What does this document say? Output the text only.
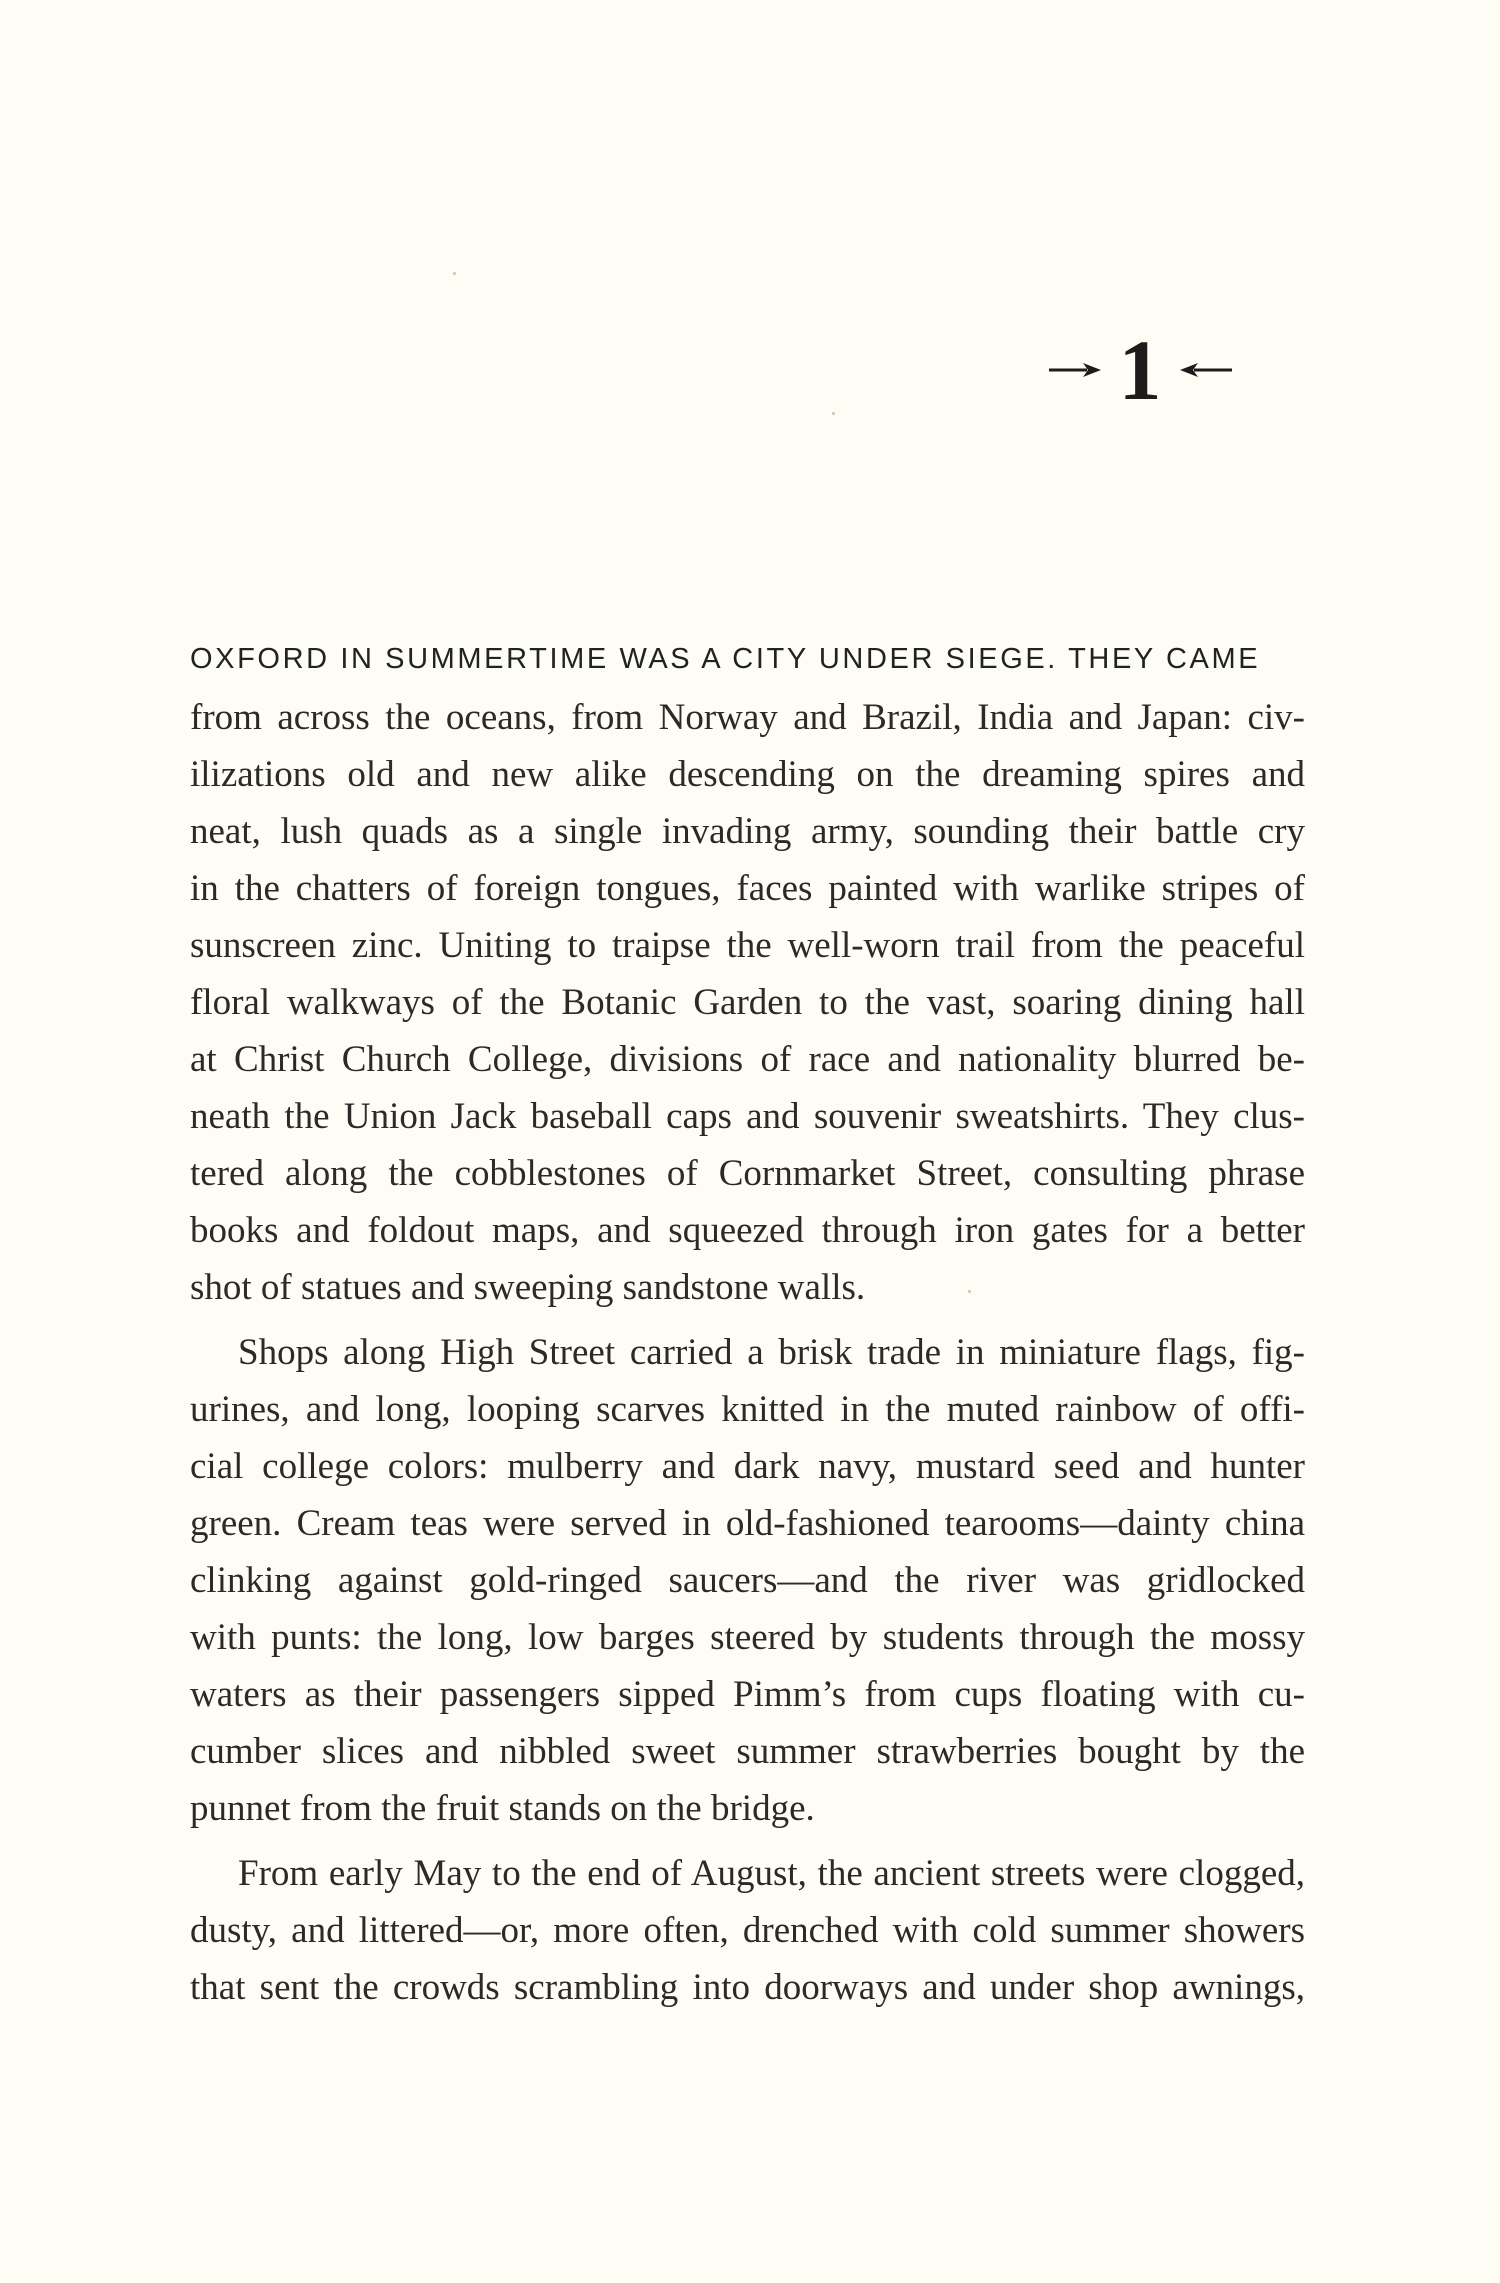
1

OXFORD IN SUMMERTIME WAS A CITY UNDER SIEGE. THEY CAME

from across the oceans, from Norway and Brazil, India and Japan: civ-

ilizations old and new alike descending on the dreaming spires and

neat, lush quads as a single invading army, sounding their battle cry

in the chatters of foreign tongues, faces painted with warlike stripes of

sunscreen zinc. Uniting to traipse the well-worn trail from the peaceful

floral walkways of the Botanic Garden to the vast, soaring dining hall

at Christ Church College, divisions of race and nationality blurred be-

neath the Union Jack baseball caps and souvenir sweatshirts. They clus-

tered along the cobblestones of Cornmarket Street, consulting phrase

books and foldout maps, and squeezed through iron gates for a better

shot of statues and sweeping sandstone walls.

Shops along High Street carried a brisk trade in miniature flags, fig-

urines, and long, looping scarves knitted in the muted rainbow of offi-

cial college colors: mulberry and dark navy, mustard seed and hunter

green. Cream teas were served in old-fashioned tearooms—dainty china

clinking against gold-ringed saucers—and the river was gridlocked

with punts: the long, low barges steered by students through the mossy

waters as their passengers sipped Pimm’s from cups floating with cu-

cumber slices and nibbled sweet summer strawberries bought by the

punnet from the fruit stands on the bridge.

From early May to the end of August, the ancient streets were clogged,

dusty, and littered—or, more often, drenched with cold summer showers

that sent the crowds scrambling into doorways and under shop awnings,
